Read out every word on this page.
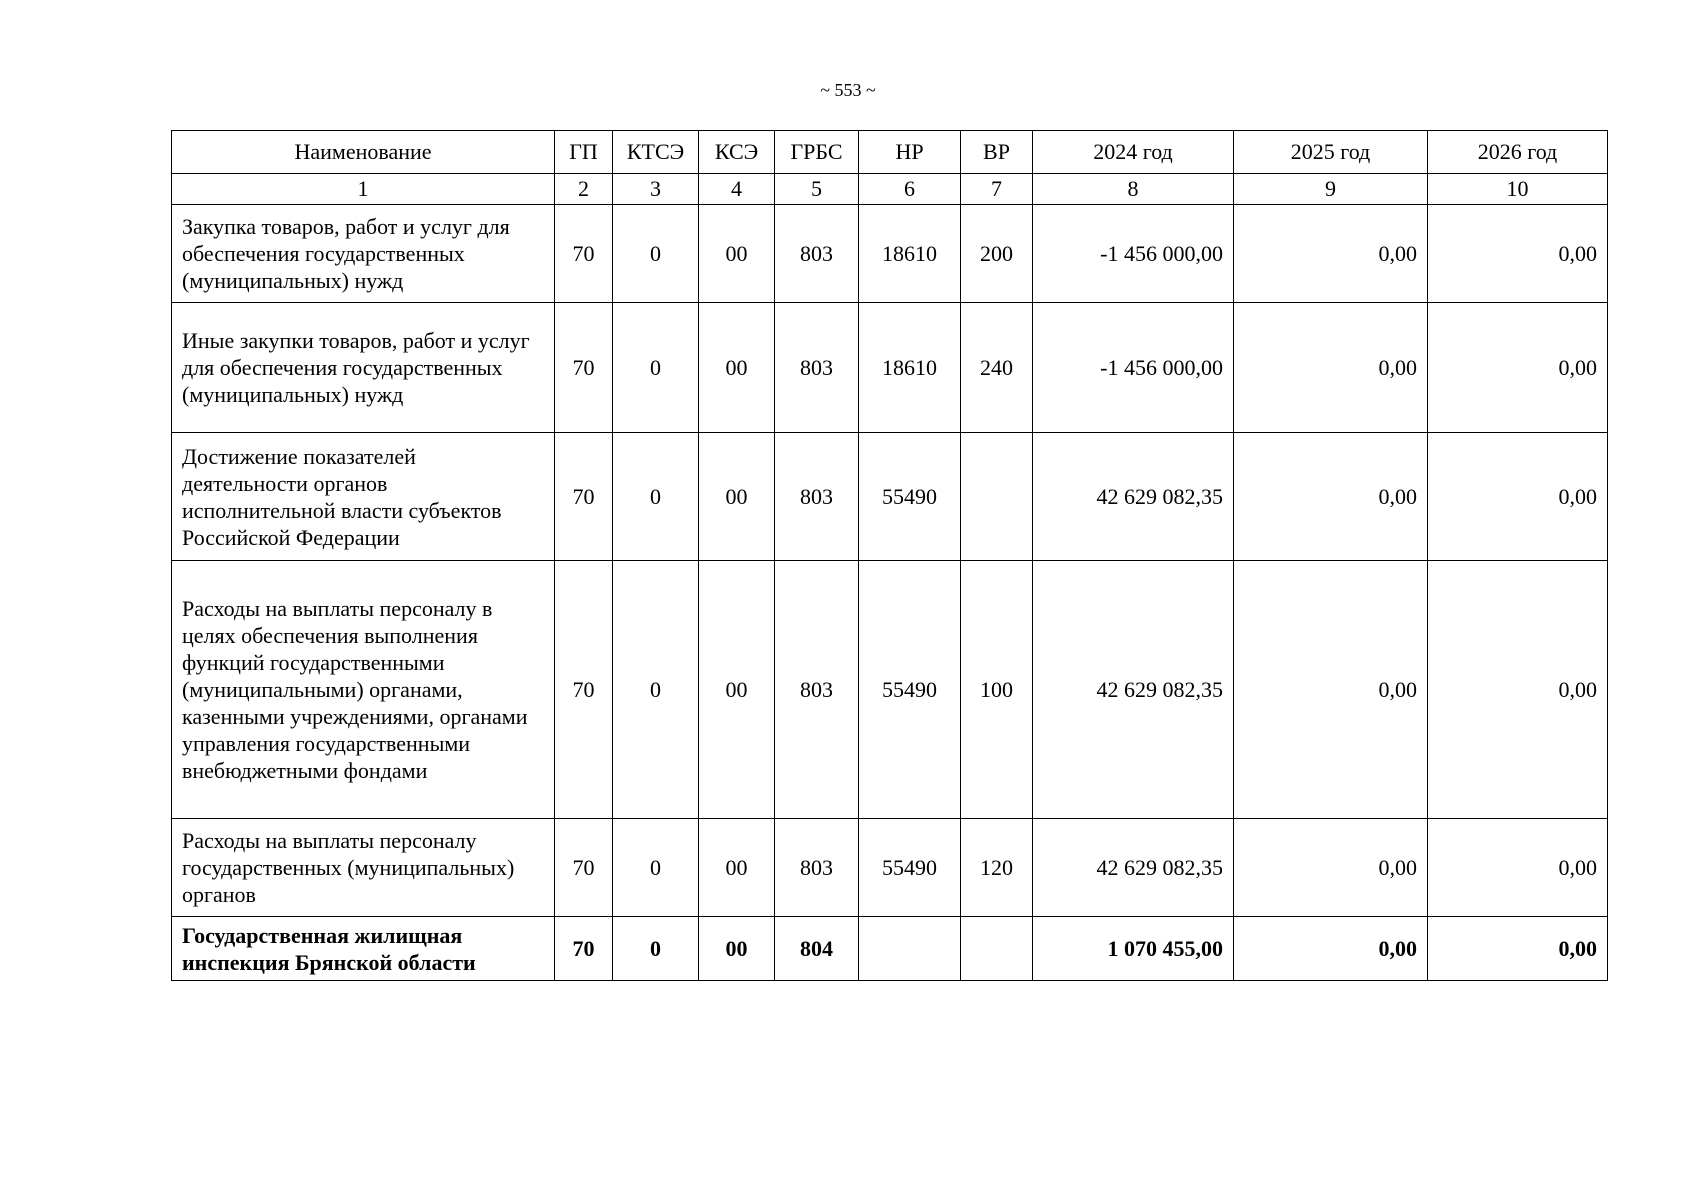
~ 553 ~
Наименование	ГП	КТСЭ	КСЭ	ГРБС	НР	ВР	2024 год	2025 год	2026 год
1	2	3	4	5	6	7	8	9	10
Закупка товаров, работ и услуг для обеспечения государственных (муниципальных) нужд	70	0	00	803	18610	200	-1 456 000,00	0,00	0,00
Иные закупки товаров, работ и услуг для обеспечения государственных (муниципальных) нужд	70	0	00	803	18610	240	-1 456 000,00	0,00	0,00
Достижение показателей деятельности органов исполнительной власти субъектов Российской Федерации	70	0	00	803	55490		42 629 082,35	0,00	0,00
Расходы на выплаты персоналу в целях обеспечения выполнения функций государственными (муниципальными) органами, казенными учреждениями, органами управления государственными внебюджетными фондами	70	0	00	803	55490	100	42 629 082,35	0,00	0,00
Расходы на выплаты персоналу государственных (муниципальных) органов	70	0	00	803	55490	120	42 629 082,35	0,00	0,00
Государственная жилищная инспекция Брянской области	70	0	00	804			1 070 455,00	0,00	0,00
